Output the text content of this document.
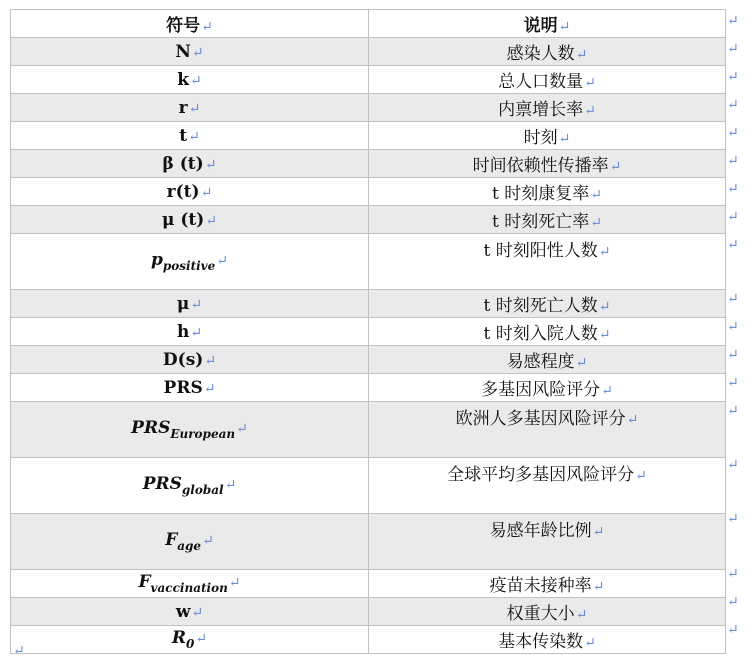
符号↵	说明↵
N↵	感染人数↵
k↵	总人口数量↵
r↵	内禀增长率↵
t↵	时刻↵
β (t)↵	时间依赖性传播率↵
r(t)↵	t 时刻康复率↵
μ (t)↵	t 时刻死亡率↵
$p_{positive}↵$	t 时刻阳性人数↵
μ↵	t 时刻死亡人数↵
h↵	t 时刻入院人数↵
D(s)↵	易感程度↵
PRS↵	多基因风险评分↵
$PRS_{European}↵$	欧洲人多基因风险评分↵
$PRS_{global}↵$	全球平均多基因风险评分↵
$F_{age}↵$	易感年龄比例↵
$F_{vaccination}↵$	疫苗未接种率↵
w↵	权重大小↵
$R_0↵$	基本传染数↵
↵
↵
↵
↵
↵
↵
↵
↵
↵
↵
↵
↵
↵
↵
↵
↵
↵
↵
↵
↵
